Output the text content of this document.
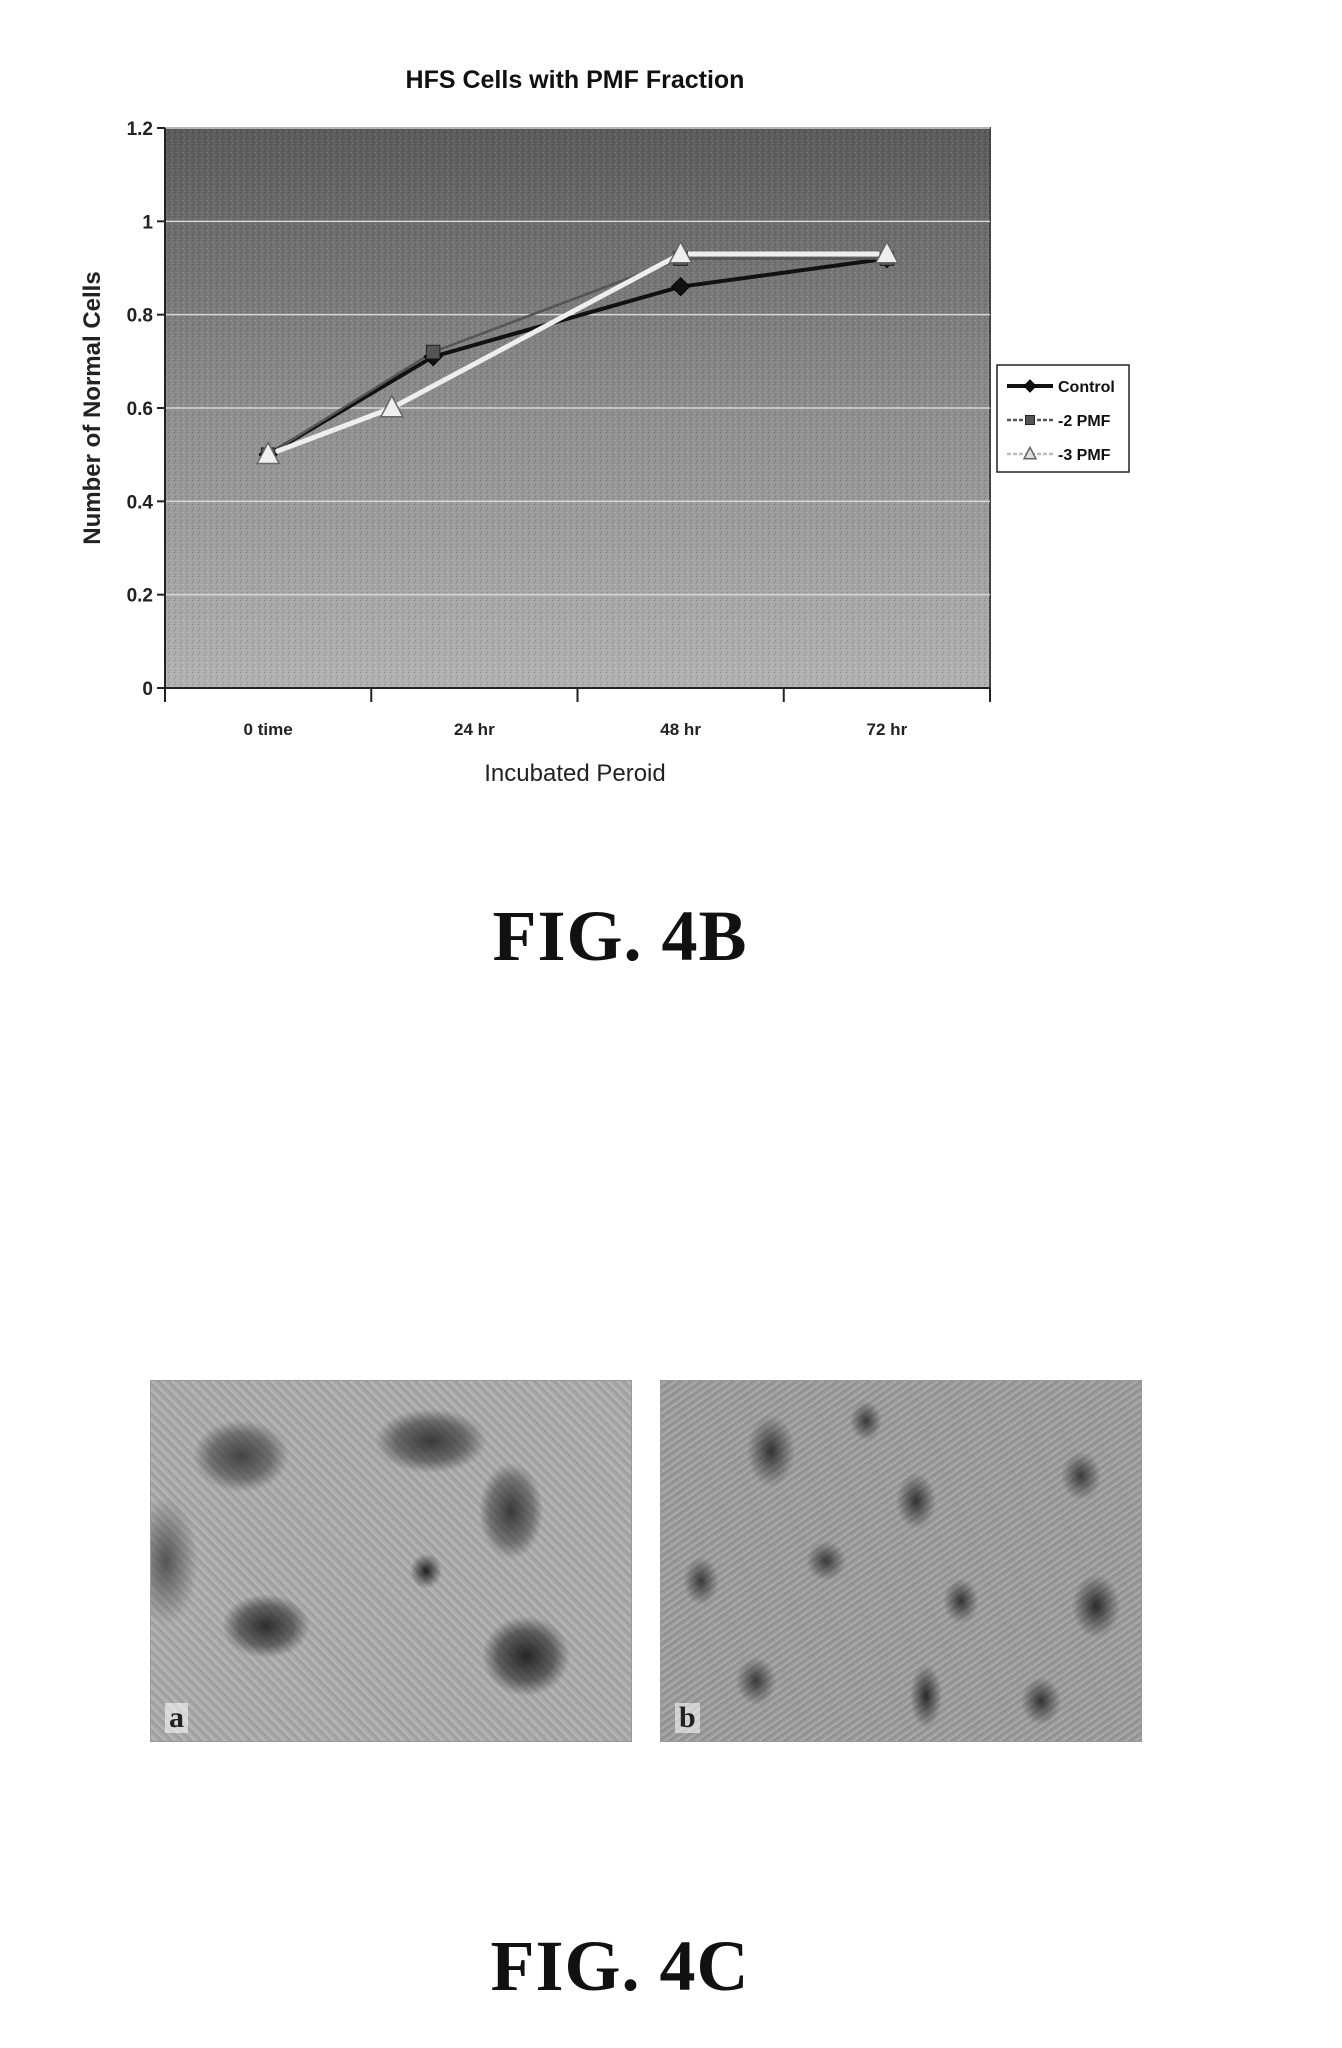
HFS Cells with PMF Fraction
0
0.2
0.4
0.6
0.8
1
1.2
0 time	24 hr	48 hr	72 hr
Incubated Peroid
Number of Normal Cells	Control
-2 PMF
-3 PMF
FIG. 4B
a	b
FIG. 4C
